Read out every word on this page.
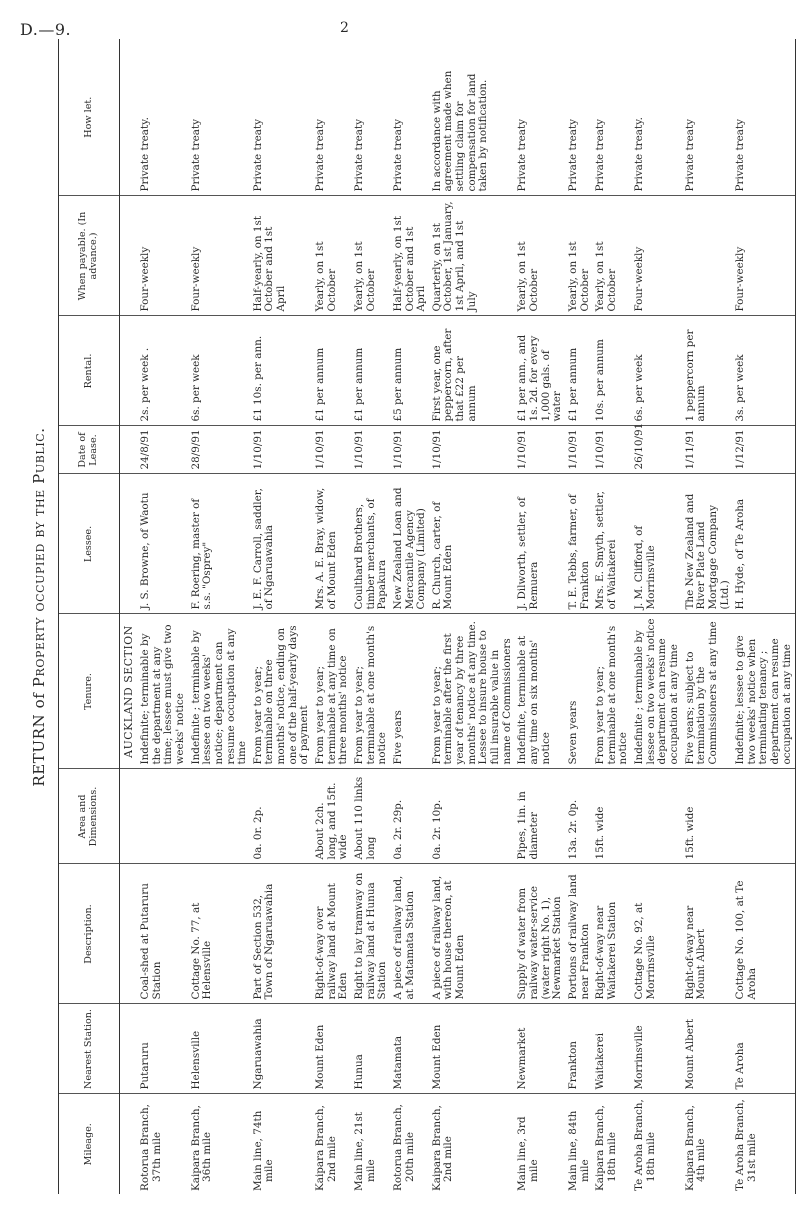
D.—9.	2
RETURN of Property occupied by the Public.
Mileage.	Nearest Station.	Description.	Area and Dimensions.	Tenure.	Lessee.	Date of Lease.	Rental.	When payable. (In advance.)	How let.
				AUCKLAND SECTION					
Rotorua Branch, 37th mile	Putaruru	Coal-shed at Putaruru Station		Indefinite; terminable by the department at any time; lessee must give two weeks' notice	J. S. Browne, of Waotu	24/8/91	2s. per week .	Four-weekly	Private treaty.
Kaipara Branch, 36th mile	Helensville	Cottage No. 77, at Helensville		Indefinite ; terminable by lessee on two weeks' notice; department can resume occupation at any time	F. Roering, master of s.s. "Osprey"	28/9/91	6s. per week	Four-weekly	Private treaty
Main line, 74th mile	Ngaruawahia	Part of Section 532, Town of Ngaruawahia	0a. 0r. 2p.	From year to year; terminable on three months' notice, ending on one of the half-yearly days of payment	J. E. F. Carroll, saddler, of Ngaruawahia	1/10/91	£1 10s. per ann.	Half-yearly, on 1st October and 1st April	Private treaty
Kaipara Branch, 2nd mile	Mount Eden	Right-of-way over railway land at Mount Eden	About 2ch. long, and 15ft. wide	From year to year; terminable at any time on three months' notice	Mrs. A. E. Bray, widow, of Mount Eden	1/10/91	£1 per annum	Yearly, on 1st October	Private treaty
Main line, 21st mile	Hunua	Right to lay tramway on railway land at Hunua Station	About 110 links long	From year to year; terminable at one month's notice	Coulthard Brothers, timber merchants, of Papakura	1/10/91	£1 per annum	Yearly, on 1st October	Private treaty
Rotorua Branch, 20th mile	Matamata	A piece of railway land, at Matamata Station	0a. 2r. 29p.	Five years	New Zealand Loan and Mercantile Agency Company (Limited)	1/10/91	£5 per annum	Half-yearly, on 1st October and 1st April	Private treaty
Kaipara Branch, 2nd mile	Mount Eden	A piece of railway land, with house thereon, at Mount Eden	0a. 2r. 10p.	From year to year; terminable after the first year of tenancy by three months' notice at any time. Lessee to insure house to full insurable value in name of Commissioners	R. Church, carter, of Mount Eden	1/10/91	First year, one peppercorn, after that £22 per annum	Quarterly, on 1st October, 1st January, 1st April, and 1st July	In accordance with agreement made when settling claim for compensation for land taken by notification.
Main line, 3rd mile	Newmarket	Supply of water from railway water-service (water right No. 1), Newmarket Station	Pipes, 1in. in diameter	Indefinite, terminable at any time on six months' notice	J. Dilworth, settler, of Remuera	1/10/91	£1 per ann., and 1s. 2d. for every 1,000 gals. of water	Yearly, on 1st October	Private treaty
Main line, 84th mile	Frankton	Portions of railway land near Frankton	13a. 2r. 0p.	Seven years	T. E. Tebbs, farmer, of Frankton	1/10/91	£1 per annum	Yearly, on 1st October	Private treaty
Kaipara Branch, 18th mile	Waitakerei	Right-of-way near Waitakerei Station	15ft. wide	From year to year; terminable at one month's notice	Mrs. E. Smyth, settler, of Waitakerei	1/10/91	10s. per annum	Yearly, on 1st October	Private treaty
Te Aroha Branch, 18th mile	Morrinsville	Cottage No. 92, at Morrinsville		Indefinite ; terminable by lessee on two weeks' notice department can resume occupation at any time	J. M. Clifford, of Morrinsville	26/10/91	6s. per week	Four-weekly	Private treaty.
Kaipara Branch, 4th mile	Mount Albert	Right-of-way near Mount Albert	15ft. wide	Five years; subject to termination by the Commissioners at any time	The New Zealand and River Plate Land Mortgage Company (Ltd.)	1/11/91	1 peppercorn per annum		Private treaty
Te Aroha Branch, 31st mile	Te Aroha	Cottage No. 100, at Te Aroha		Indefinite; lessee to give two weeks' notice when terminating tenancy ; department can resume occupation at any time	H. Hyde, of Te Aroha	1/12/91	3s. per week	Four-weekly	Private treaty
